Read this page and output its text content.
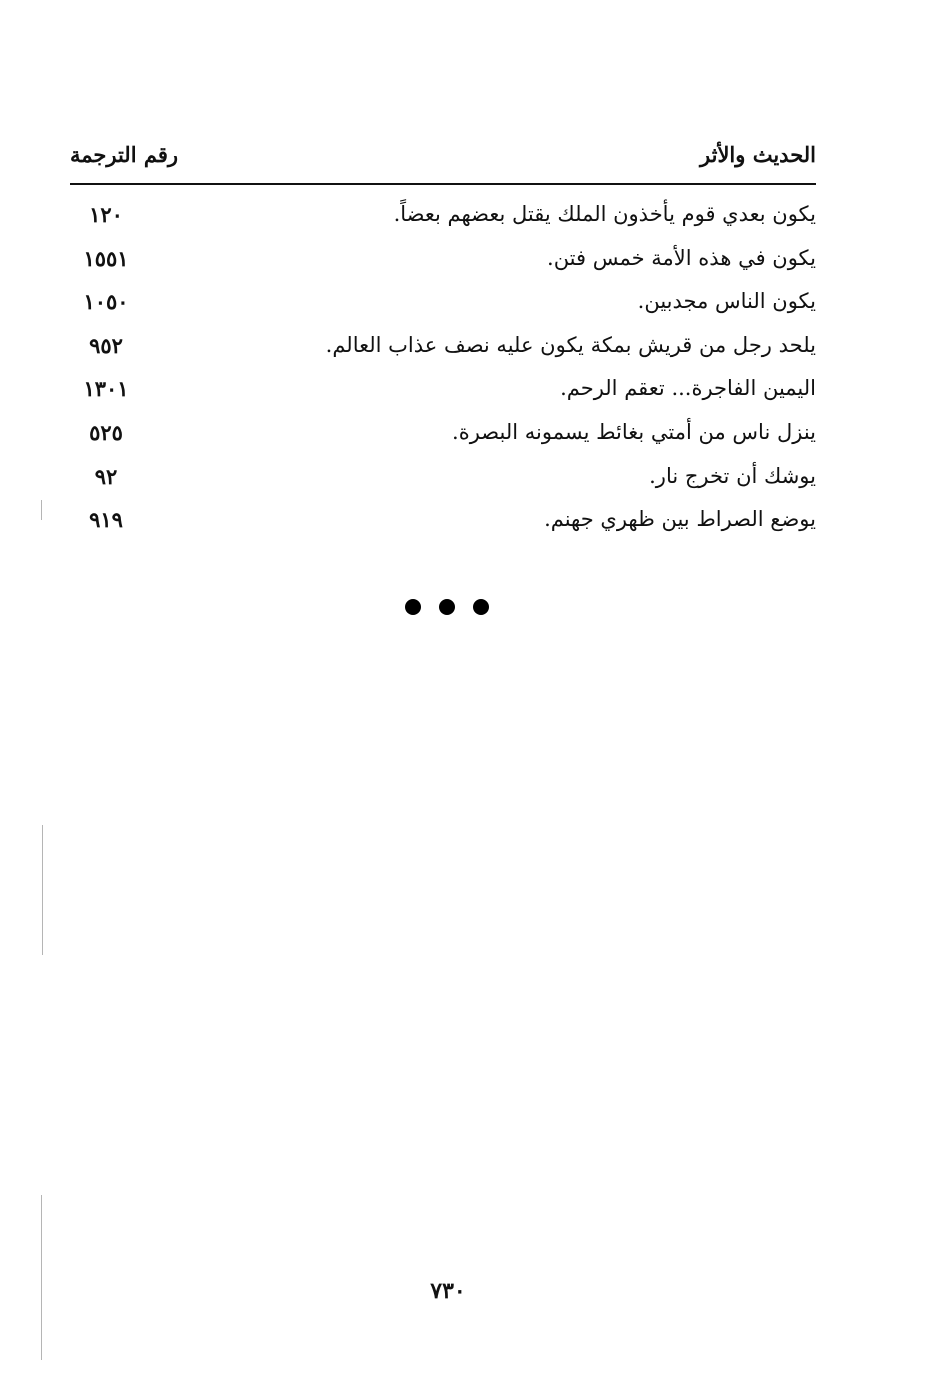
الحديث والأثر
رقم الترجمة
يكون بعدي قوم يأخذون الملك يقتل بعضهم بعضاً.
١٢٠
يكون في هذه الأمة خمس فتن.
١٥٥١
يكون الناس مجدبين.
١٠٥٠
يلحد رجل من قريش بمكة يكون عليه نصف عذاب العالم.
٩٥٢
اليمين الفاجرة... تعقم الرحم.
١٣٠١
ينزل ناس من أمتي بغائط يسمونه البصرة.
٥٢٥
يوشك أن تخرج نار.
٩٢
يوضع الصراط بين ظهري جهنم.
٩١٩
٧٣٠
